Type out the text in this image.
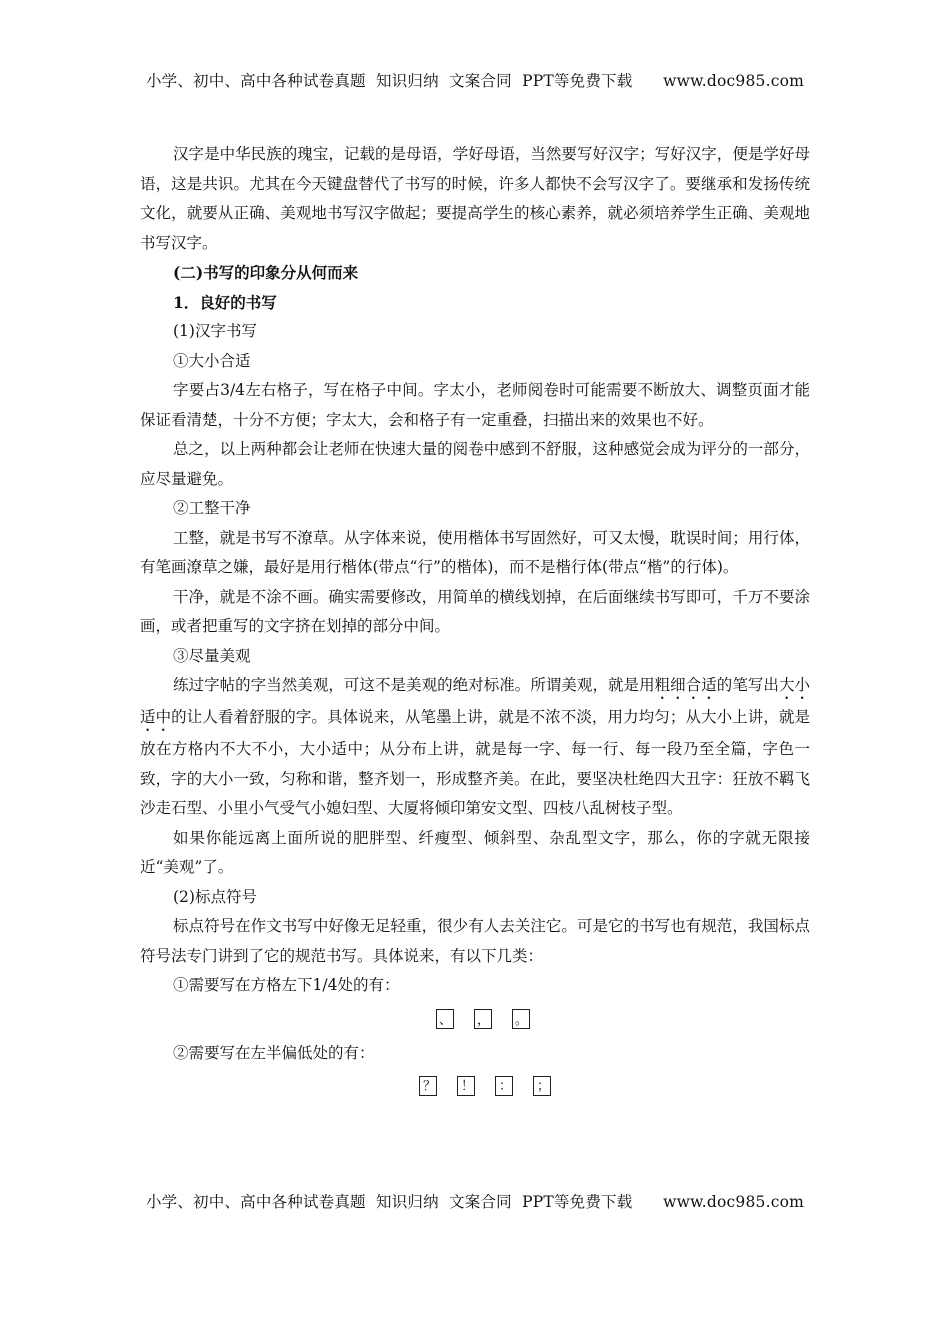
小学、初中、高中各种试卷真题  知识归纳  文案合同  PPT等免费下载      www.doc985.com

汉字是中华民族的瑰宝，记载的是母语，学好母语，当然要写好汉字；写好汉字，便是学好母语，这是共识。尤其在今天键盘替代了书写的时候，许多人都快不会写汉字了。要继承和发扬传统文化，就要从正确、美观地书写汉字做起；要提高学生的核心素养，就必须培养学生正确、美观地书写汉字。

(二)书写的印象分从何而来

1．良好的书写

(1)汉字书写

①大小合适

字要占3/4左右格子，写在格子中间。字太小，老师阅卷时可能需要不断放大、调整页面才能保证看清楚，十分不方便；字太大，会和格子有一定重叠，扫描出来的效果也不好。

总之，以上两种都会让老师在快速大量的阅卷中感到不舒服，这种感觉会成为评分的一部分，应尽量避免。

②工整干净

工整，就是书写不潦草。从字体来说，使用楷体书写固然好，可又太慢，耽误时间；用行体，有笔画潦草之嫌，最好是用行楷体(带点“行”的楷体)，而不是楷行体(带点“楷”的行体)。

干净，就是不涂不画。确实需要修改，用简单的横线划掉，在后面继续书写即可，千万不要涂画，或者把重写的文字挤在划掉的部分中间。

③尽量美观

练过字帖的字当然美观，可这不是美观的绝对标准。所谓美观，就是用粗细合适的笔写出大小适中的让人看着舒服的字。具体说来，从笔墨上讲，就是不浓不淡，用力均匀；从大小上讲，就是放在方格内不大不小，大小适中；从分布上讲，就是每一字、每一行、每一段乃至全篇，字色一致，字的大小一致，匀称和谐，整齐划一，形成整齐美。在此，要坚决杜绝四大丑字：狂放不羁飞沙走石型、小里小气受气小媳妇型、大厦将倾印第安文型、四枝八乱树枝子型。

如果你能远离上面所说的肥胖型、纤瘦型、倾斜型、杂乱型文字，那么，你的字就无限接近“美观”了。

(2)标点符号

标点符号在作文书写中好像无足轻重，很少有人去关注它。可是它的书写也有规范，我国标点符号法专门讲到了它的规范书写。具体说来，有以下几类：

①需要写在方格左下1/4处的有：

、 ， 。

②需要写在左半偏低处的有：

？ ！ ： ；
小学、初中、高中各种试卷真题  知识归纳  文案合同  PPT等免费下载      www.doc985.com
